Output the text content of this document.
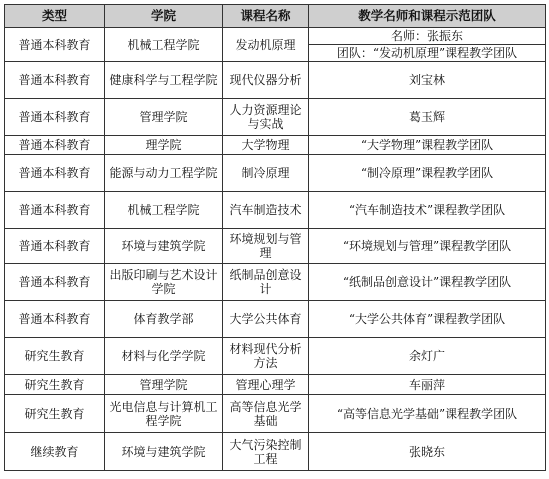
类型	学院	课程名称	教学名师和课程示范团队
普通本科教育	机械工程学院	发动机原理	名师：张振东
团队：“发动机原理”课程教学团队

普通本科教育	健康科学与工程学院	现代仪器分析	刘宝林
普通本科教育	管理学院	人力资源理论与实战	葛玉辉
普通本科教育	理学院	大学物理	“大学物理”课程教学团队
普通本科教育	能源与动力工程学院	制冷原理	“制冷原理”课程教学团队
普通本科教育	机械工程学院	汽车制造技术	“汽车制造技术”课程教学团队
普通本科教育	环境与建筑学院	环境规划与管理	“环境规划与管理”课程教学团队
普通本科教育	出版印刷与艺术设计学院	纸制品创意设计	“纸制品创意设计”课程教学团队
普通本科教育	体育教学部	大学公共体育	“大学公共体育”课程教学团队
研究生教育	材料与化学学院	材料现代分析方法	余灯广
研究生教育	管理学院	管理心理学	车丽萍
研究生教育	光电信息与计算机工程学院	高等信息光学基础	“高等信息光学基础”课程教学团队
继续教育	环境与建筑学院	大气污染控制工程	张晓东
